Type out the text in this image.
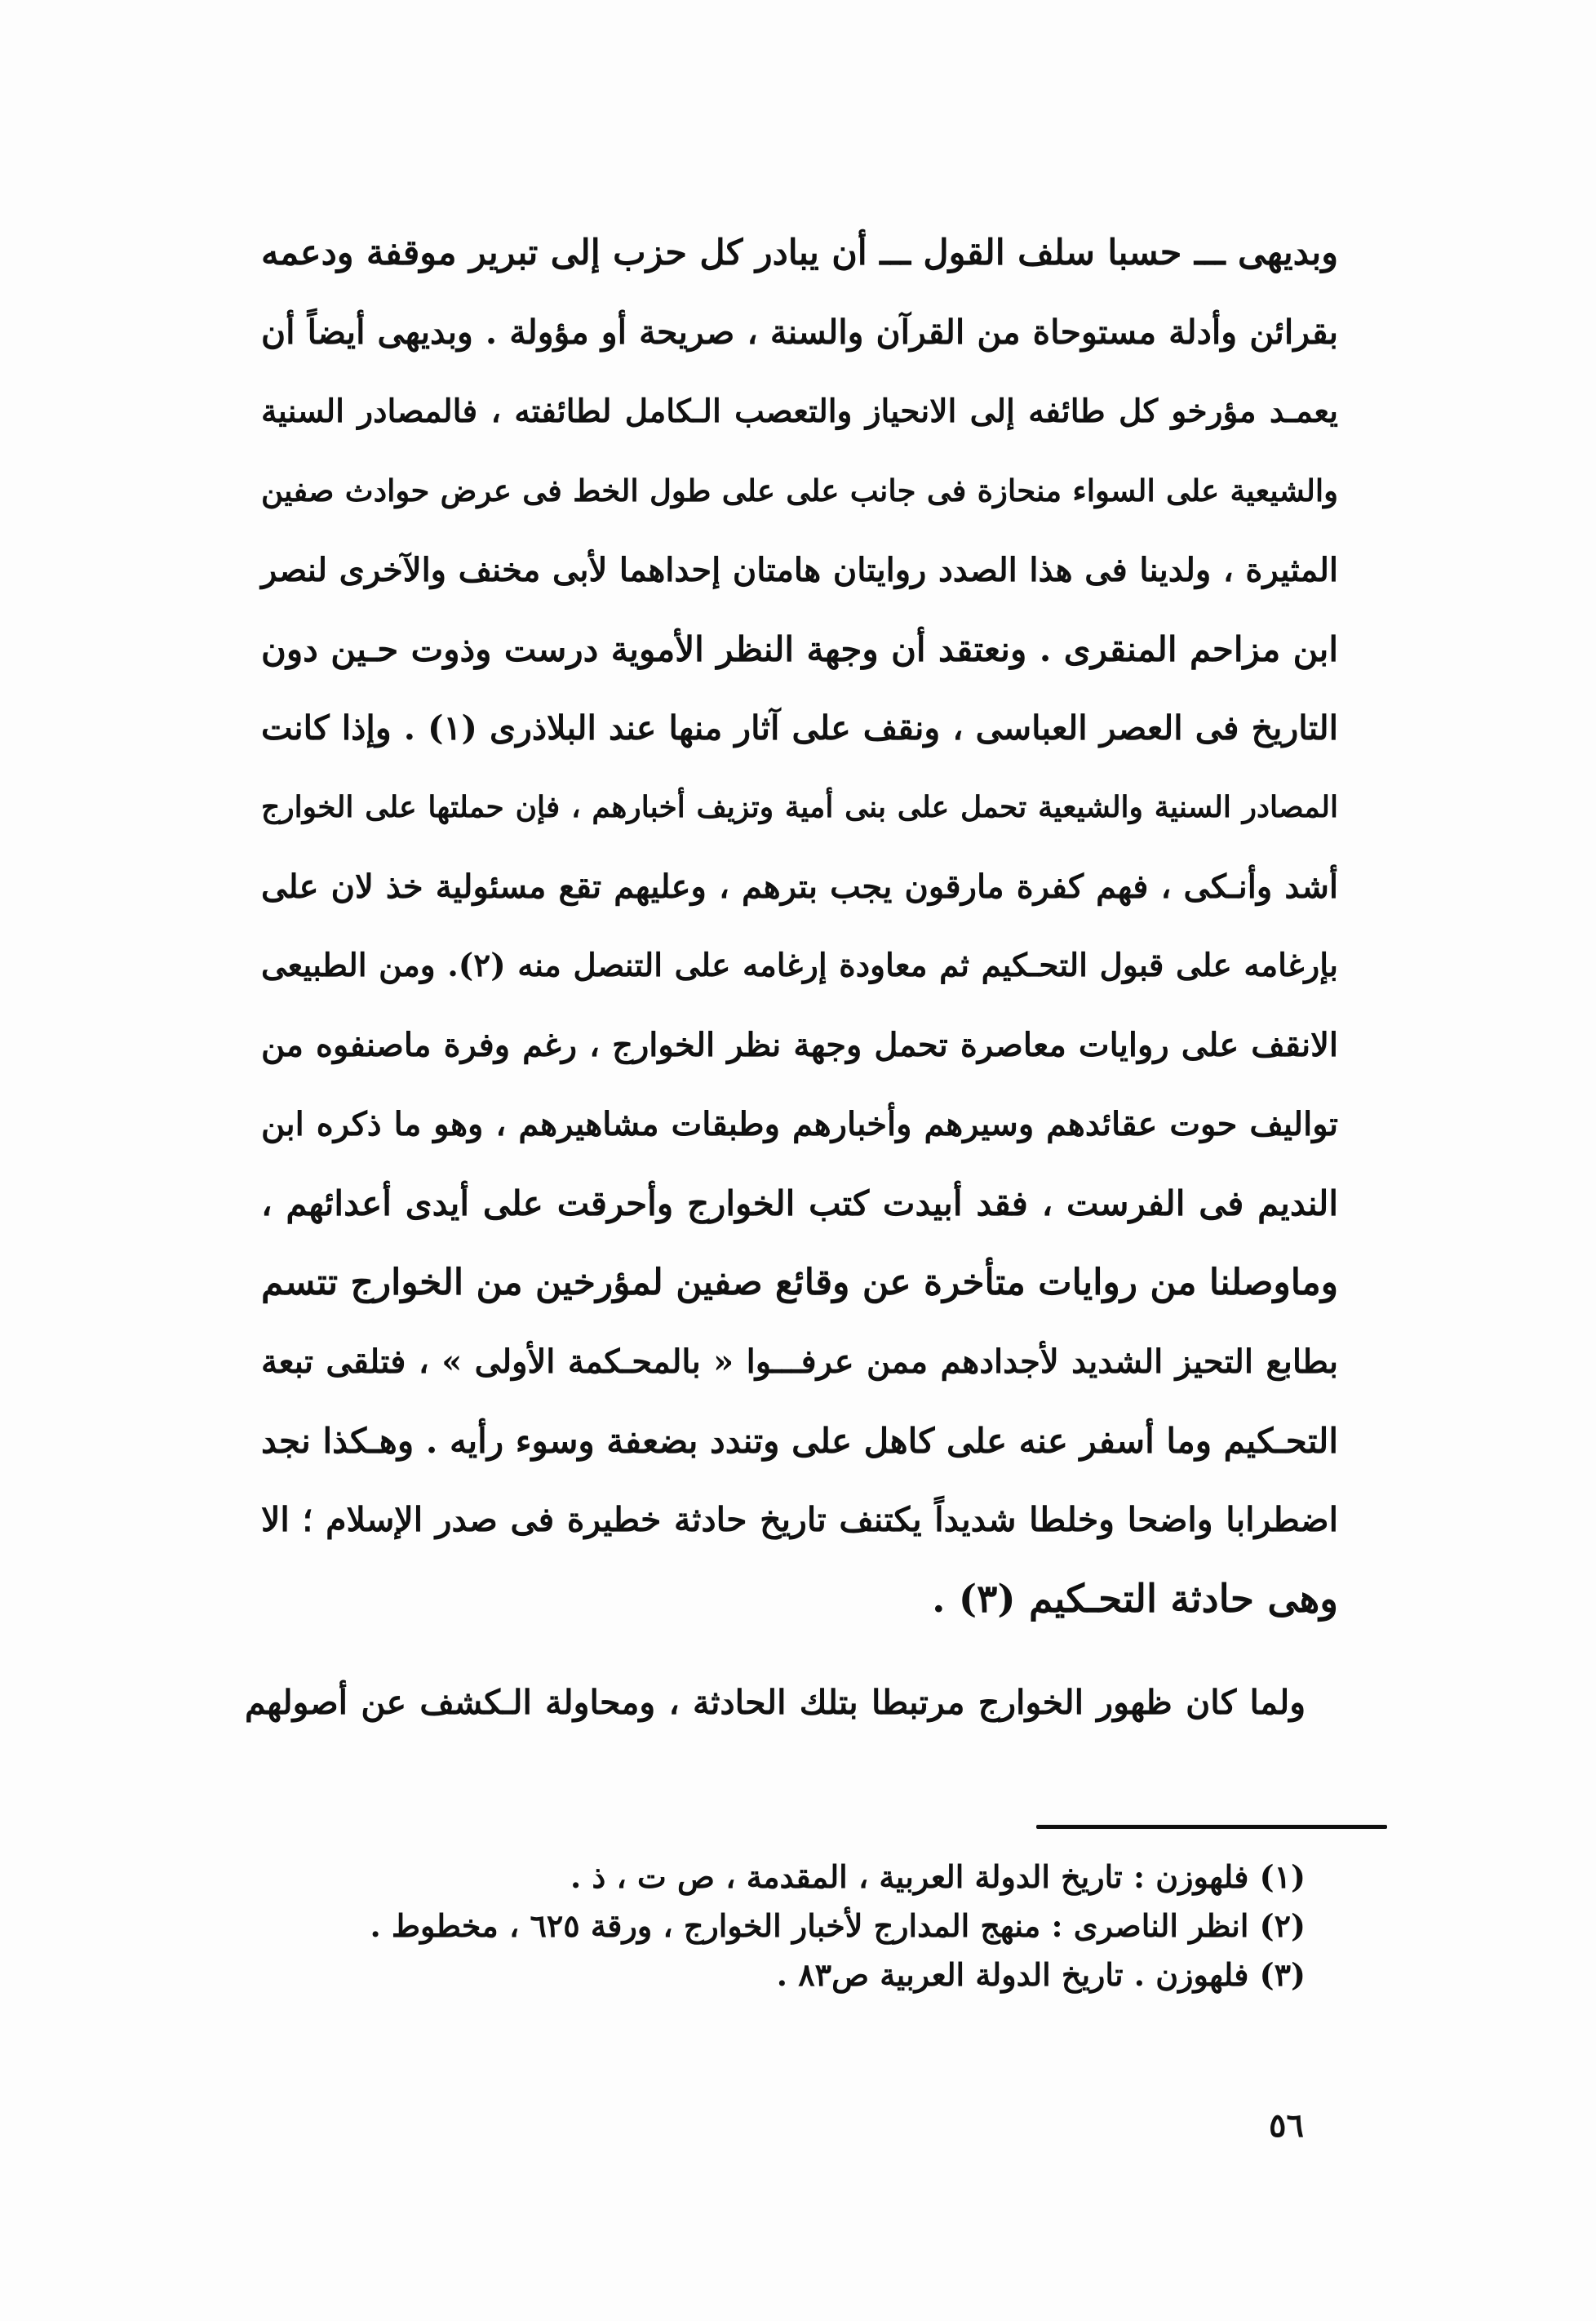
وبديهى ـــ حسبا سلف القول ـــ أن يبادر كل حزب إلى تبرير موقفة ودعمه
بقرائن وأدلة مستوحاة من القرآن والسنة ، صريحة أو مؤولة . وبديهى أيضاً أن
يعمـد مؤرخو كل طائفه إلى الانحياز والتعصب الـكامل لطائفته ، فالمصادر السنية
والشيعية على السواء منحازة فى جانب على على طول الخط فى عرض حوادث صفين
المثيرة ، ولدينا فى هذا الصدد روايتان هامتان إحداهما لأبى مخنف والآخرى لنصر
ابن مزاحم المنقرى . ونعتقد أن وجهة النظر الأموية درست وذوت حـين دون
التاريخ فى العصر العباسى ، ونقف على آثار منها عند البلاذرى (١) . وإذا كانت
المصادر السنية والشيعية تحمل على بنى أمية وتزيف أخبارهم ، فإن حملتها على الخوارج
أشد وأنـكى ، فهم كفرة مارقون يجب بترهم ، وعليهم تقع مسئولية خذ لان على
بإرغامه على قبول التحـكيم ثم معاودة إرغامه على التنصل منه (٢). ومن الطبيعى
الانقف على روايات معاصرة تحمل وجهة نظر الخوارج ، رغم وفرة ماصنفوه من
تواليف حوت عقائدهم وسيرهم وأخبارهم وطبقات مشاهيرهم ، وهو ما ذكره ابن
النديم فى الفرست ، فقد أبيدت كتب الخوارج وأحرقت على أيدى أعدائهم ،
وماوصلنا من روايات متأخرة عن وقائع صفين لمؤرخين من الخوارج تتسم
بطابع التحيز الشديد لأجدادهم ممن عرفـــوا « بالمحـكمة الأولى » ، فتلقى تبعة
التحـكيم وما أسفر عنه على كاهل على وتندد بضعفة وسوء رأيه . وهـكذا نجد
اضطرابا واضحا وخلطا شديداً يكتنف تاريخ حادثة خطيرة فى صدر الإسلام ؛ الا
وهى حادثة التحـكيم (٣) .
ولما كان ظهور الخوارج مرتبطا بتلك الحادثة ، ومحاولة الـكشف عن أصولهم
(١) فلهوزن : تاريخ الدولة العربية ، المقدمة ، ص ت ، ذ .
(٢) انظر الناصرى : منهج المدارج لأخبار الخوارج ، ورقة ٦٢٥ ، مخطوط .
(٣) فلهوزن . تاريخ الدولة العربية ص٨٣ .
٥٦
